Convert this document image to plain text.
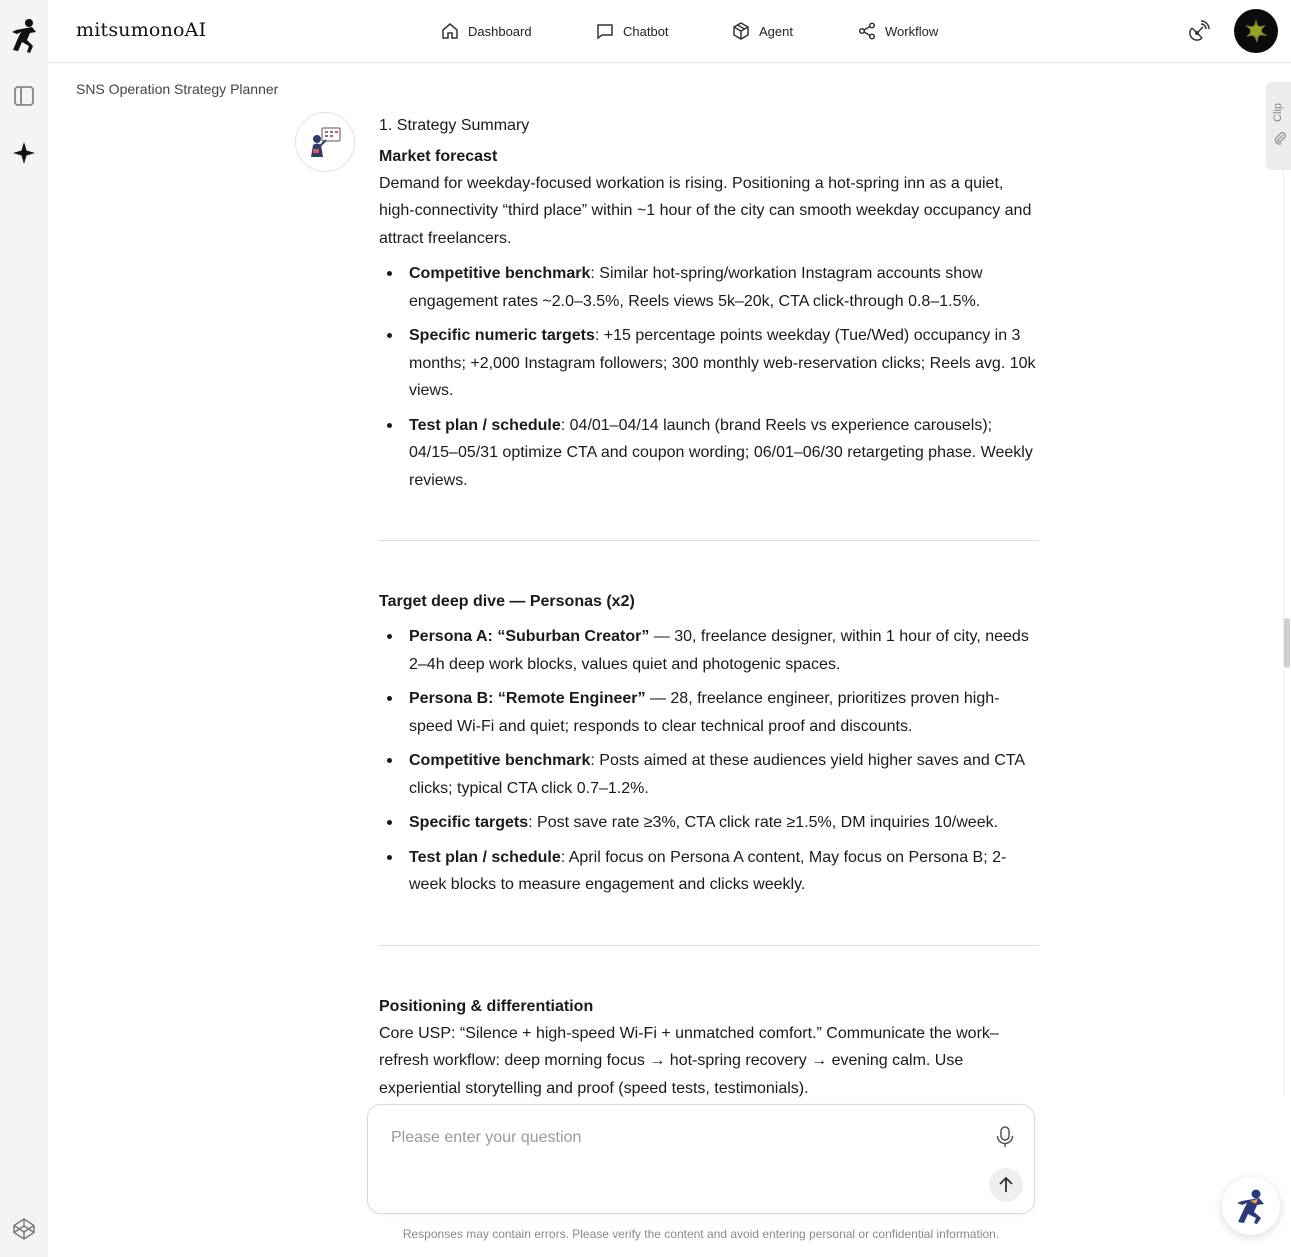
mitsumonoAI	Dashboard	Chatbot	Agent	Workflow
SNS Operation Strategy Planner

1. Strategy Summary

Market forecast

Demand for weekday-focused workation is rising. Positioning a hot-spring inn as a quiet, high-connectivity “third place” within ~1 hour of the city can smooth weekday occupancy and attract freelancers.

Competitive benchmark: Similar hot-spring/workation Instagram accounts show engagement rates ~2.0–3.5%, Reels views 5k–20k, CTA click-through 0.8–1.5%.
Specific numeric targets: +15 percentage points weekday (Tue/Wed) occupancy in 3 months; +2,000 Instagram followers; 300 monthly web-reservation clicks; Reels avg. 10k views.
Test plan / schedule: 04/01–04/14 launch (brand Reels vs experience carousels); 04/15–05/31 optimize CTA and coupon wording; 06/01–06/30 retargeting phase. Weekly reviews.
Target deep dive — Personas (x2)
Persona A: “Suburban Creator” — 30, freelance designer, within 1 hour of city, needs 2–4h deep work blocks, values quiet and photogenic spaces.
Persona B: “Remote Engineer” — 28, freelance engineer, prioritizes proven high-speed Wi-Fi and quiet; responds to clear technical proof and discounts.
Competitive benchmark: Posts aimed at these audiences yield higher saves and CTA clicks; typical CTA click 0.7–1.2%.
Specific targets: Post save rate ≥3%, CTA click rate ≥1.5%, DM inquiries 10/week.
Test plan / schedule: April focus on Persona A content, May focus on Persona B; 2-week blocks to measure engagement and clicks weekly.
Positioning & differentiation

Core USP: “Silence + high-speed Wi-Fi + unmatched comfort.” Communicate the work–refresh workflow: deep morning focus → hot-spring recovery → evening calm. Use experiential storytelling and proof (speed tests, testimonials).

Clip
Please enter your question
Responses may contain errors. Please verify the content and avoid entering personal or confidential information.
